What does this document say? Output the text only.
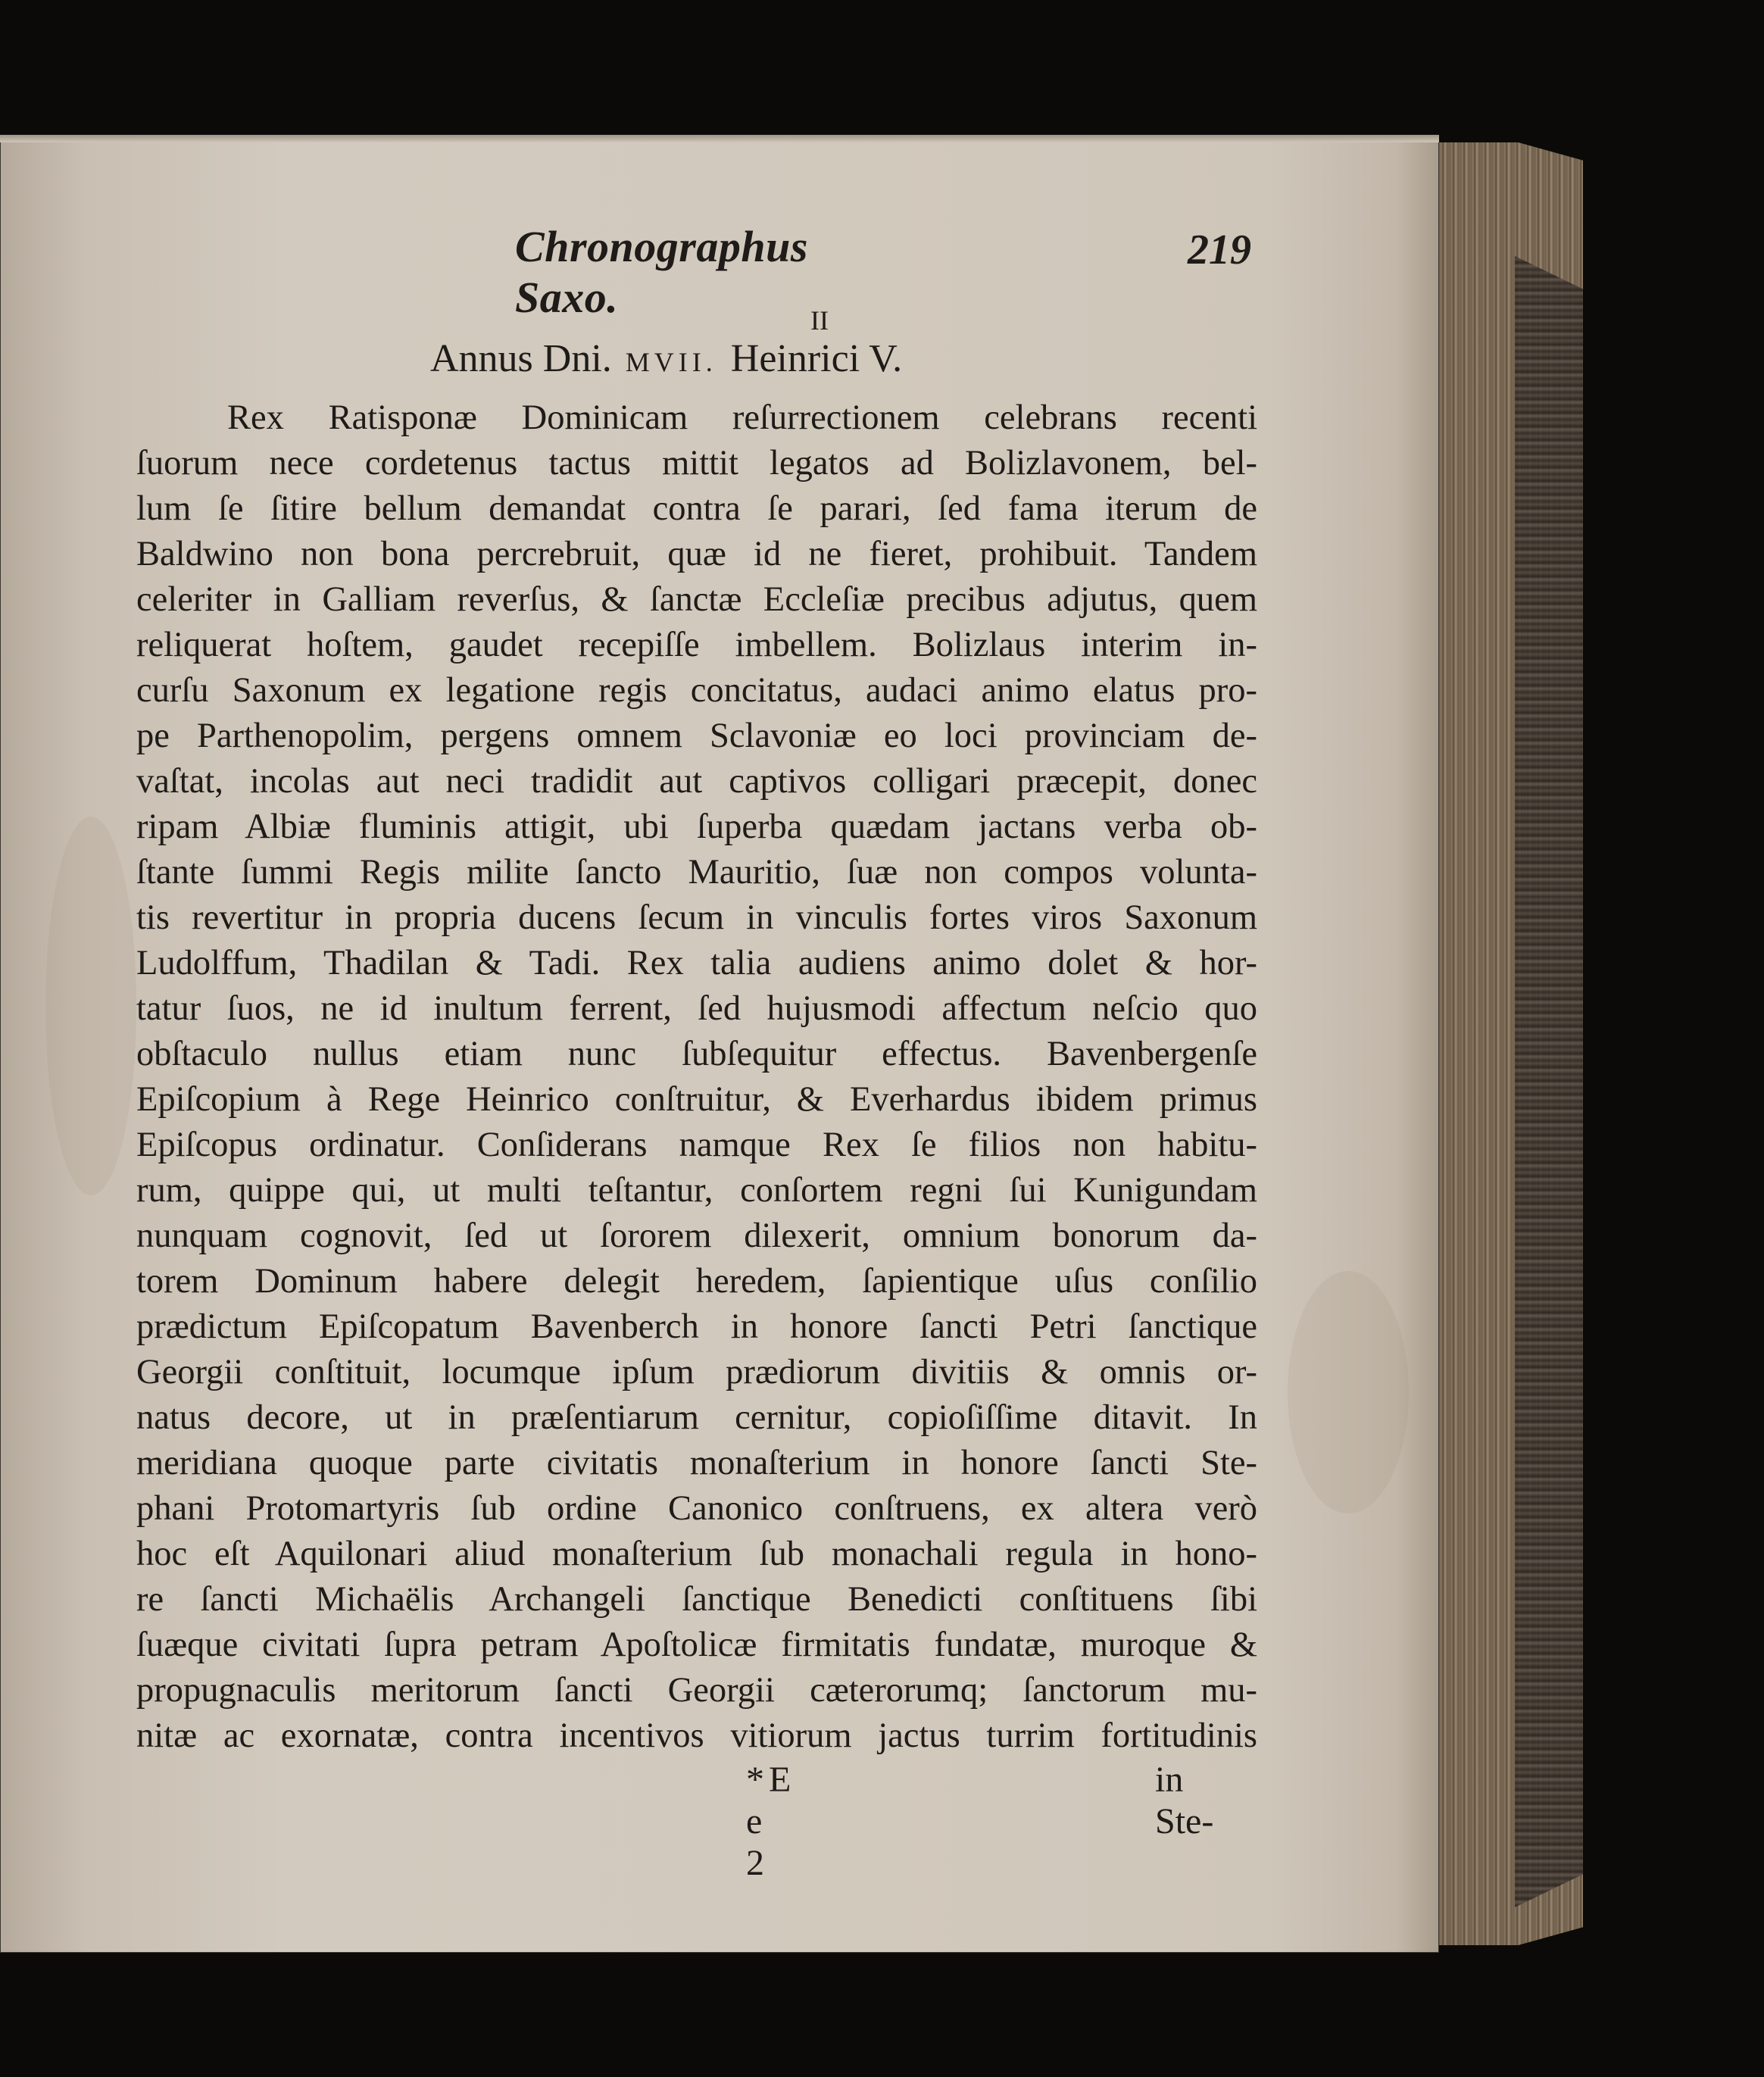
Chronographus Saxo.
219
II
Annus Dni. MVII. Heinrici V.
Rex Ratisponæ Dominicam reſurrectionem celebrans recenti
ſuorum nece cordetenus tactus mittit legatos ad Bolizlavonem, bel-
lum ſe ſitire bellum demandat contra ſe parari, ſed fama iterum de
Baldwino non bona percrebruit, quæ id ne fieret, prohibuit. Tandem
celeriter in Galliam reverſus, & ſanctæ Eccleſiæ precibus adjutus, quem
reliquerat hoſtem, gaudet recepiſſe imbellem. Bolizlaus interim in-
curſu Saxonum ex legatione regis concitatus, audaci animo elatus pro-
pe Parthenopolim, pergens omnem Sclavoniæ eo loci provinciam de-
vaſtat, incolas aut neci tradidit aut captivos colligari præcepit, donec
ripam Albiæ fluminis attigit, ubi ſuperba quædam jactans verba ob-
ſtante ſummi Regis milite ſancto Mauritio, ſuæ non compos volunta-
tis revertitur in propria ducens ſecum in vinculis fortes viros Saxonum
Ludolffum, Thadilan & Tadi. Rex talia audiens animo dolet & hor-
tatur ſuos, ne id inultum ferrent, ſed hujusmodi affectum neſcio quo
obſtaculo nullus etiam nunc ſubſequitur effectus. Bavenbergenſe
Epiſcopium à Rege Heinrico conſtruitur, & Everhardus ibidem primus
Epiſcopus ordinatur. Conſiderans namque Rex ſe filios non habitu-
rum, quippe qui, ut multi teſtantur, conſortem regni ſui Kunigundam
nunquam cognovit, ſed ut ſororem dilexerit, omnium bonorum da-
torem Dominum habere delegit heredem, ſapientique uſus conſilio
prædictum Epiſcopatum Bavenberch in honore ſancti Petri ſanctique
Georgii conſtituit, locumque ipſum prædiorum divitiis & omnis or-
natus decore, ut in præſentiarum cernitur, copioſiſſime ditavit. In
meridiana quoque parte civitatis monaſterium in honore ſancti Ste-
phani Protomartyris ſub ordine Canonico conſtruens, ex altera verò
hoc eſt Aquilonari aliud monaſterium ſub monachali regula in hono-
re ſancti Michaëlis Archangeli ſanctique Benedicti conſtituens ſibi
ſuæque civitati ſupra petram Apoſtolicæ firmitatis fundatæ, muroque &
propugnaculis meritorum ſancti Georgii cæterorumq; ſanctorum mu-
nitæ ac exornatæ, contra incentivos vitiorum jactus turrim fortitudinis
*E e 2
in Ste-
